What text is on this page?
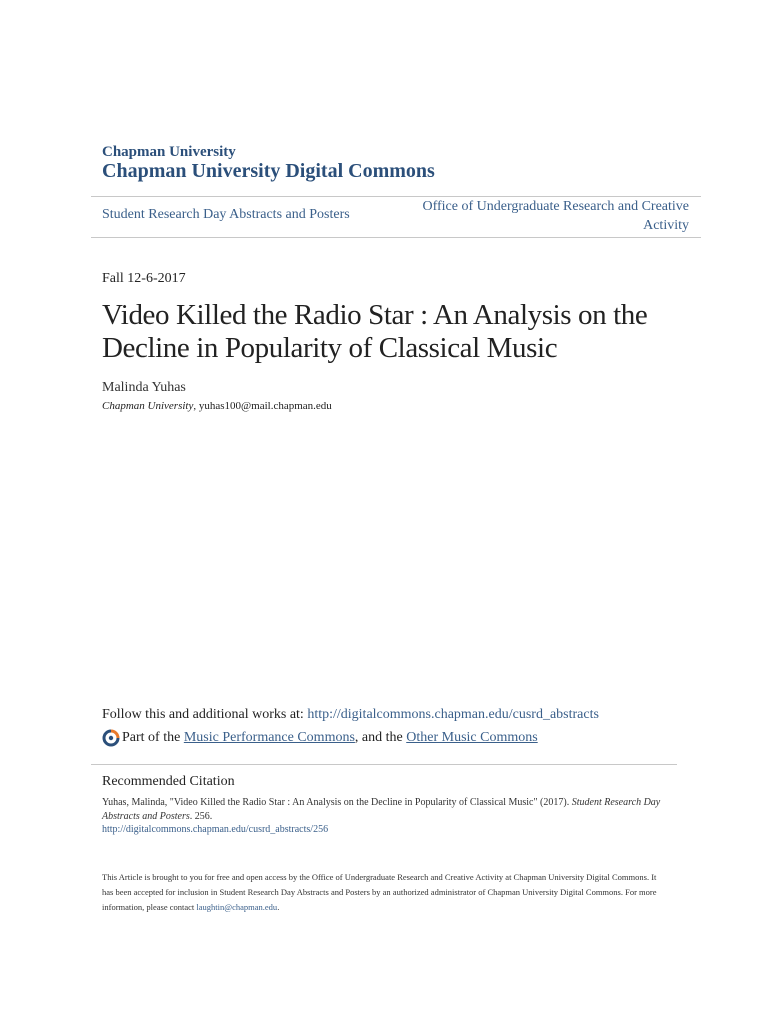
Chapman University
Chapman University Digital Commons
Student Research Day Abstracts and Posters
Office of Undergraduate Research and Creative Activity
Fall 12-6-2017
Video Killed the Radio Star : An Analysis on the Decline in Popularity of Classical Music
Malinda Yuhas
Chapman University, yuhas100@mail.chapman.edu
Follow this and additional works at: http://digitalcommons.chapman.edu/cusrd_abstracts
Part of the
Music Performance Commons , and the
Other Music Commons
Recommended Citation
Yuhas, Malinda, "Video Killed the Radio Star : An Analysis on the Decline in Popularity of Classical Music" (2017). Student Research Day Abstracts and Posters. 256.
http://digitalcommons.chapman.edu/cusrd_abstracts/256
This Article is brought to you for free and open access by the Office of Undergraduate Research and Creative Activity at Chapman University Digital Commons. It has been accepted for inclusion in Student Research Day Abstracts and Posters by an authorized administrator of Chapman University Digital Commons. For more information, please contact laughtin@chapman.edu.
